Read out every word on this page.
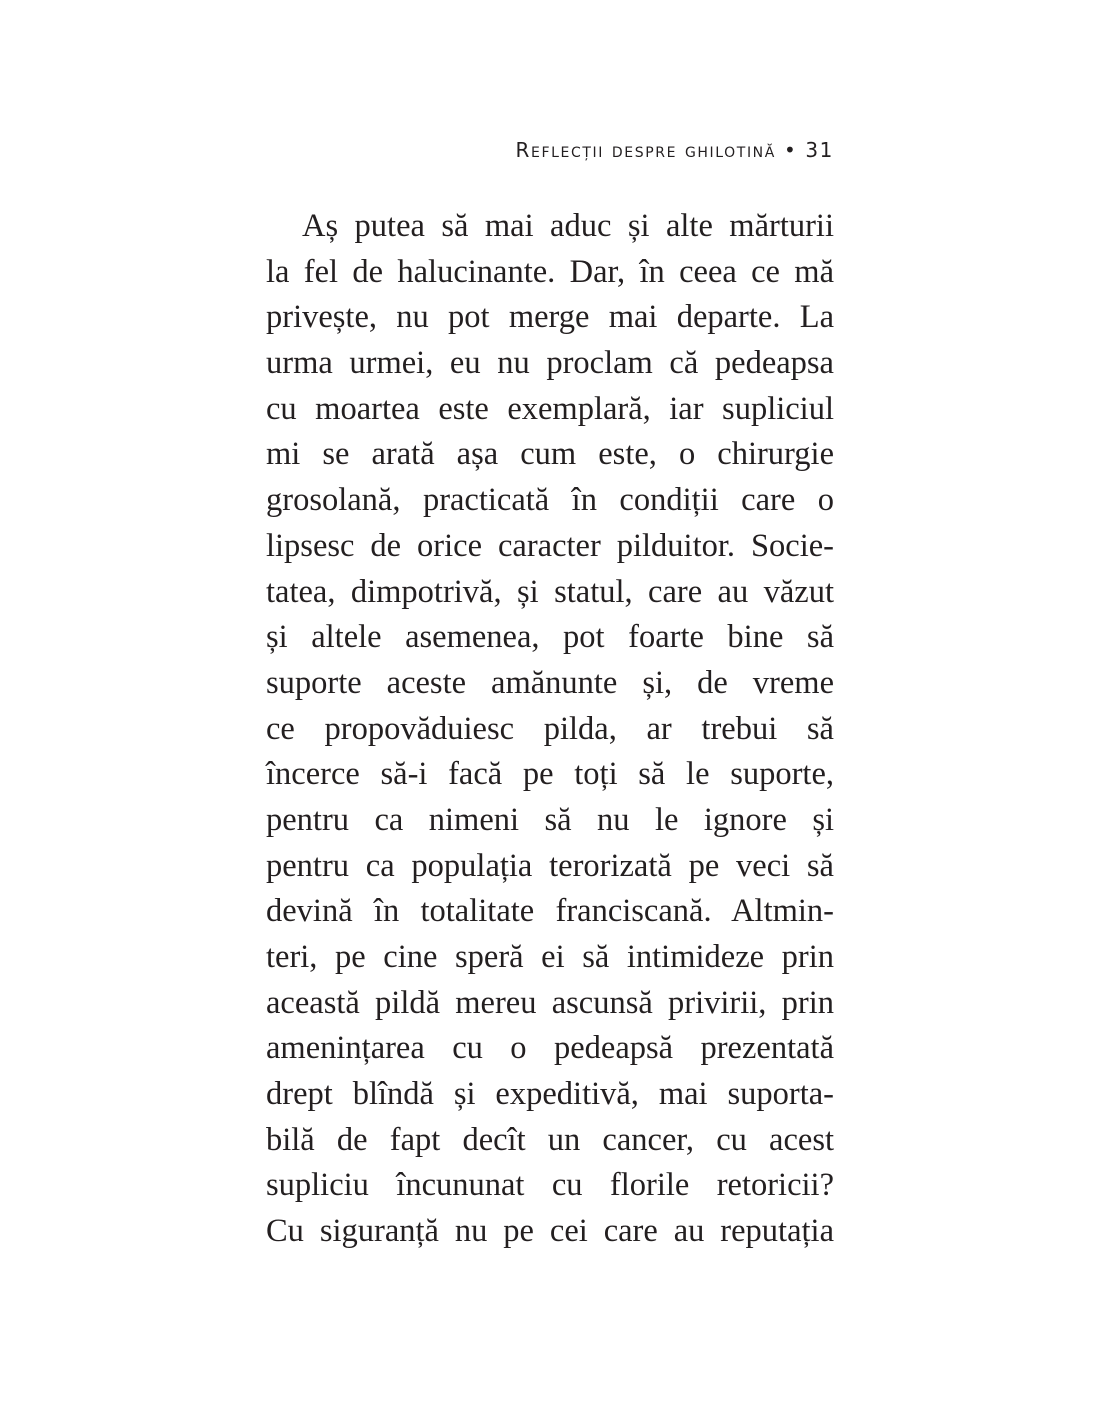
Reflecții despre ghilotină • 31
Aș putea să mai aduc și alte mărturii
la fel de halucinante. Dar, în ceea ce mă
privește, nu pot merge mai departe. La
urma urmei, eu nu proclam că pedeapsa
cu moartea este exemplară, iar supliciul
mi se arată așa cum este, o chirurgie
grosolană, practicată în condiții care o
lipsesc de orice caracter pilduitor. Socie-
tatea, dimpotrivă, și statul, care au văzut
și altele asemenea, pot foarte bine să
suporte aceste amănunte și, de vreme
ce propovăduiesc pilda, ar trebui să
încerce să-i facă pe toți să le suporte,
pentru ca nimeni să nu le ignore și
pentru ca populația terorizată pe veci să
devină în totalitate franciscană. Altmin-
teri, pe cine speră ei să intimideze prin
această pildă mereu ascunsă privirii, prin
amenințarea cu o pedeapsă prezentată
drept blîndă și expeditivă, mai suporta-
bilă de fapt decît un cancer, cu acest
supliciu încununat cu florile retoricii?
Cu siguranță nu pe cei care au reputația
